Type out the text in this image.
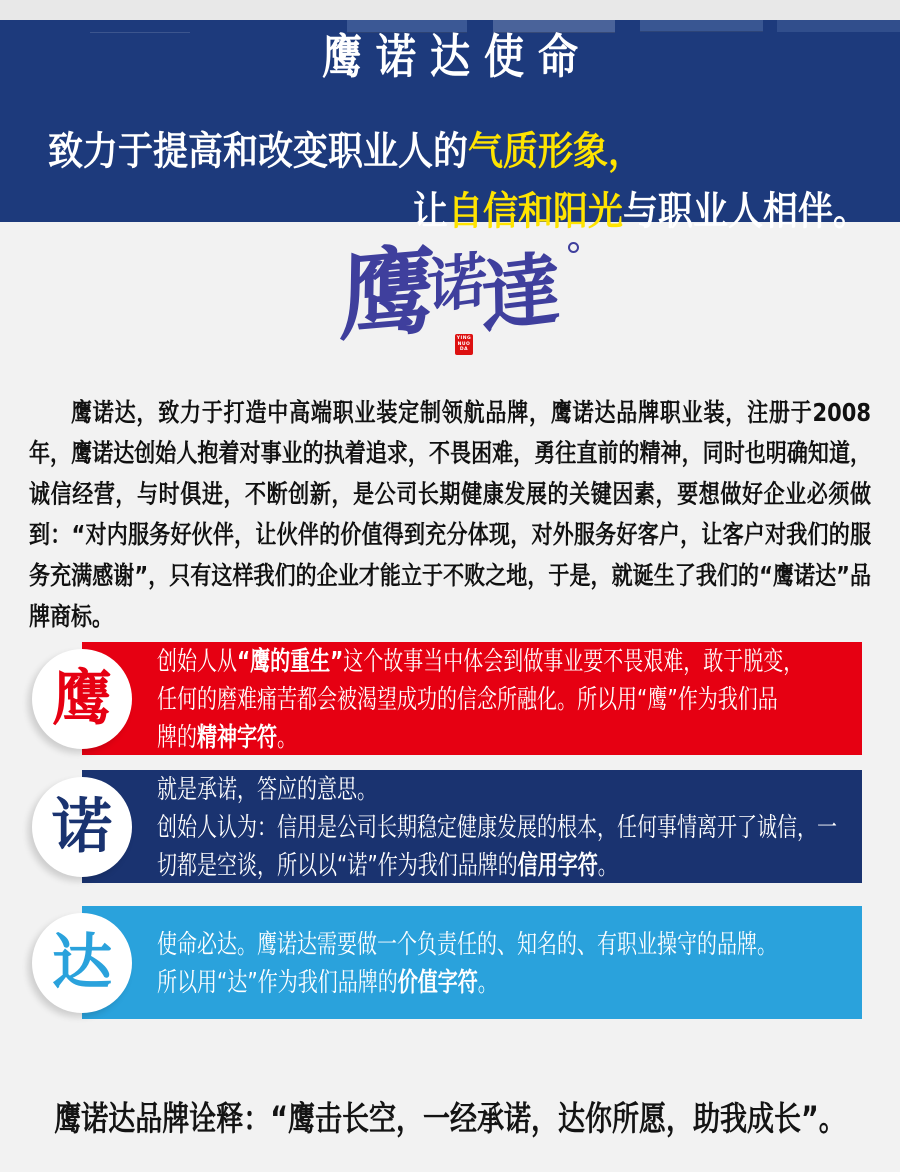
鹰诺达使命
致力于提高和改变职业人的气质形象，
让自信和阳光与职业人相伴。
鹰
诺
達
YING
NUO
DA
鹰诺达，致力于打造中高端职业装定制领航品牌，鹰诺达品牌职业装，注册于2008年，鹰诺达创始人抱着对事业的执着追求，不畏困难，勇往直前的精神，同时也明确知道，诚信经营，与时俱进，不断创新，是公司长期健康发展的关键因素，要想做好企业必须做到：“对内服务好伙伴，让伙伴的价值得到充分体现，对外服务好客户，让客户对我们的服务充满感谢”，只有这样我们的企业才能立于不败之地，于是，就诞生了我们的“鹰诺达”品牌商标。
鹰
创始人从“鹰的重生”这个故事当中体会到做事业要不畏艰难，敢于脱变，
任何的磨难痛苦都会被渴望成功的信念所融化。所以用“鹰”作为我们品
牌的精神字符。
诺
就是承诺，答应的意思。
创始人认为：信用是公司长期稳定健康发展的根本，任何事情离开了诚信，一
切都是空谈，所以以“诺”作为我们品牌的信用字符。
达 使命必达。鹰诺达需要做一个负责任的、知名的、有职业操守的品牌。
所以用“达”作为我们品牌的价值字符。
鹰诺达品牌诠释：“鹰击长空，一经承诺，达你所愿，助我成长”。
